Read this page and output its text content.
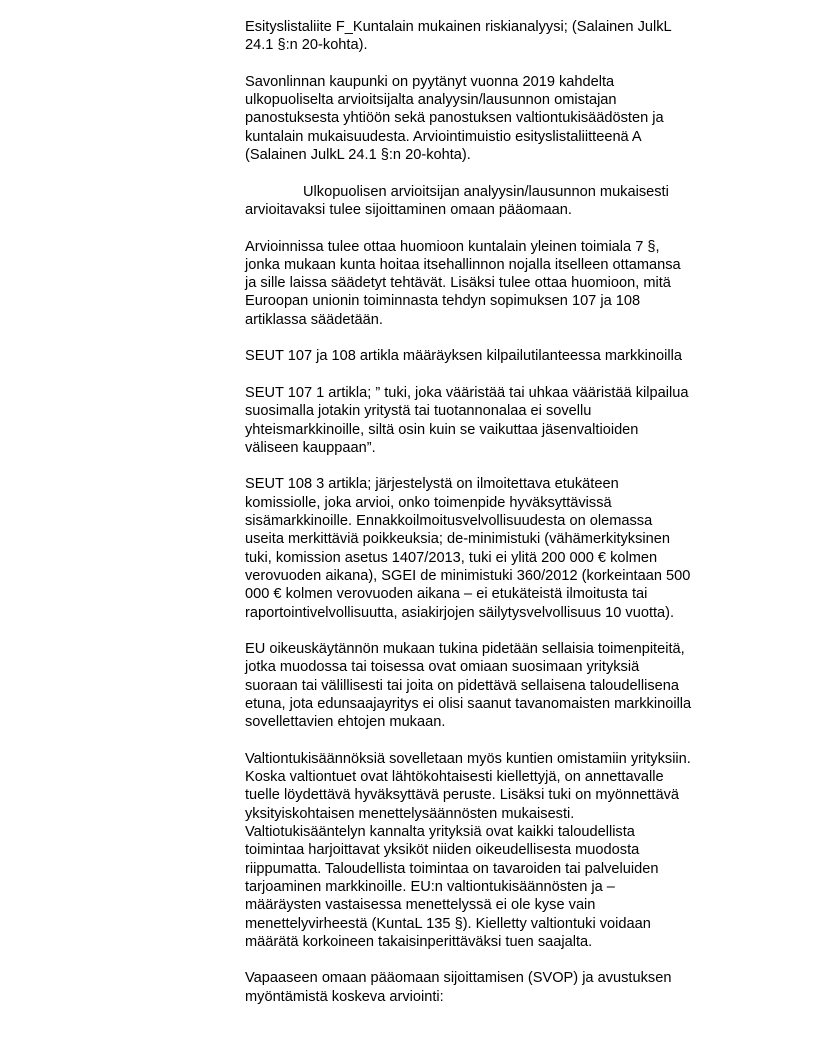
Esityslistaliite F_Kuntalain mukainen riskianalyysi; (Salainen JulkL
24.1 §:n 20-kohta).
Savonlinnan kaupunki on pyytänyt vuonna 2019 kahdelta
ulkopuoliselta arvioitsijalta analyysin/lausunnon omistajan
panostuksesta yhtiöön sekä panostuksen valtiontukisäädösten ja
kuntalain mukaisuudesta. Arviointimuistio esityslistaliitteenä A
(Salainen JulkL 24.1 §:n 20-kohta).
Ulkopuolisen arvioitsijan analyysin/lausunnon mukaisesti
arvioitavaksi tulee sijoittaminen omaan pääomaan.
Arvioinnissa tulee ottaa huomioon kuntalain yleinen toimiala 7 §,
jonka mukaan kunta hoitaa itsehallinnon nojalla itselleen ottamansa
ja sille laissa säädetyt tehtävät. Lisäksi tulee ottaa huomioon, mitä
Euroopan unionin toiminnasta tehdyn sopimuksen 107 ja 108
artiklassa säädetään.
SEUT 107 ja 108 artikla määräyksen kilpailutilanteessa markkinoilla
SEUT 107 1 artikla; ” tuki, joka vääristää tai uhkaa vääristää kilpailua
suosimalla jotakin yritystä tai tuotannonalaa ei sovellu
yhteismarkkinoille, siltä osin kuin se vaikuttaa jäsenvaltioiden
väliseen kauppaan”.
SEUT 108 3 artikla; järjestelystä on ilmoitettava etukäteen
komissiolle, joka arvioi, onko toimenpide hyväksyttävissä
sisämarkkinoille. Ennakkoilmoitusvelvollisuudesta on olemassa
useita merkittäviä poikkeuksia; de-minimistuki (vähämerkityksinen
tuki, komission asetus 1407/2013, tuki ei ylitä 200 000 € kolmen
verovuoden aikana), SGEI de minimistuki 360/2012 (korkeintaan 500
000 € kolmen verovuoden aikana – ei etukäteistä ilmoitusta tai
raportointivelvollisuutta, asiakirjojen säilytysvelvollisuus 10 vuotta).
EU oikeuskäytännön mukaan tukina pidetään sellaisia toimenpiteitä,
jotka muodossa tai toisessa ovat omiaan suosimaan yrityksiä
suoraan tai välillisesti tai joita on pidettävä sellaisena taloudellisena
etuna, jota edunsaajayritys ei olisi saanut tavanomaisten markkinoilla
sovellettavien ehtojen mukaan.
Valtiontukisäännöksiä sovelletaan myös kuntien omistamiin yrityksiin.
Koska valtiontuet ovat lähtökohtaisesti kiellettyjä, on annettavalle
tuelle löydettävä hyväksyttävä peruste. Lisäksi tuki on myönnettävä
yksityiskohtaisen menettelysäännösten mukaisesti.
Valtiotukisääntelyn kannalta yrityksiä ovat kaikki taloudellista
toimintaa harjoittavat yksiköt niiden oikeudellisesta muodosta
riippumatta. Taloudellista toimintaa on tavaroiden tai palveluiden
tarjoaminen markkinoille. EU:n valtiontukisäännösten ja –
määräysten vastaisessa menettelyssä ei ole kyse vain
menettelyvirheestä (KuntaL 135 §). Kielletty valtiontuki voidaan
määrätä korkoineen takaisinperittäväksi tuen saajalta.
Vapaaseen omaan pääomaan sijoittamisen (SVOP) ja avustuksen
myöntämistä koskeva arviointi:
